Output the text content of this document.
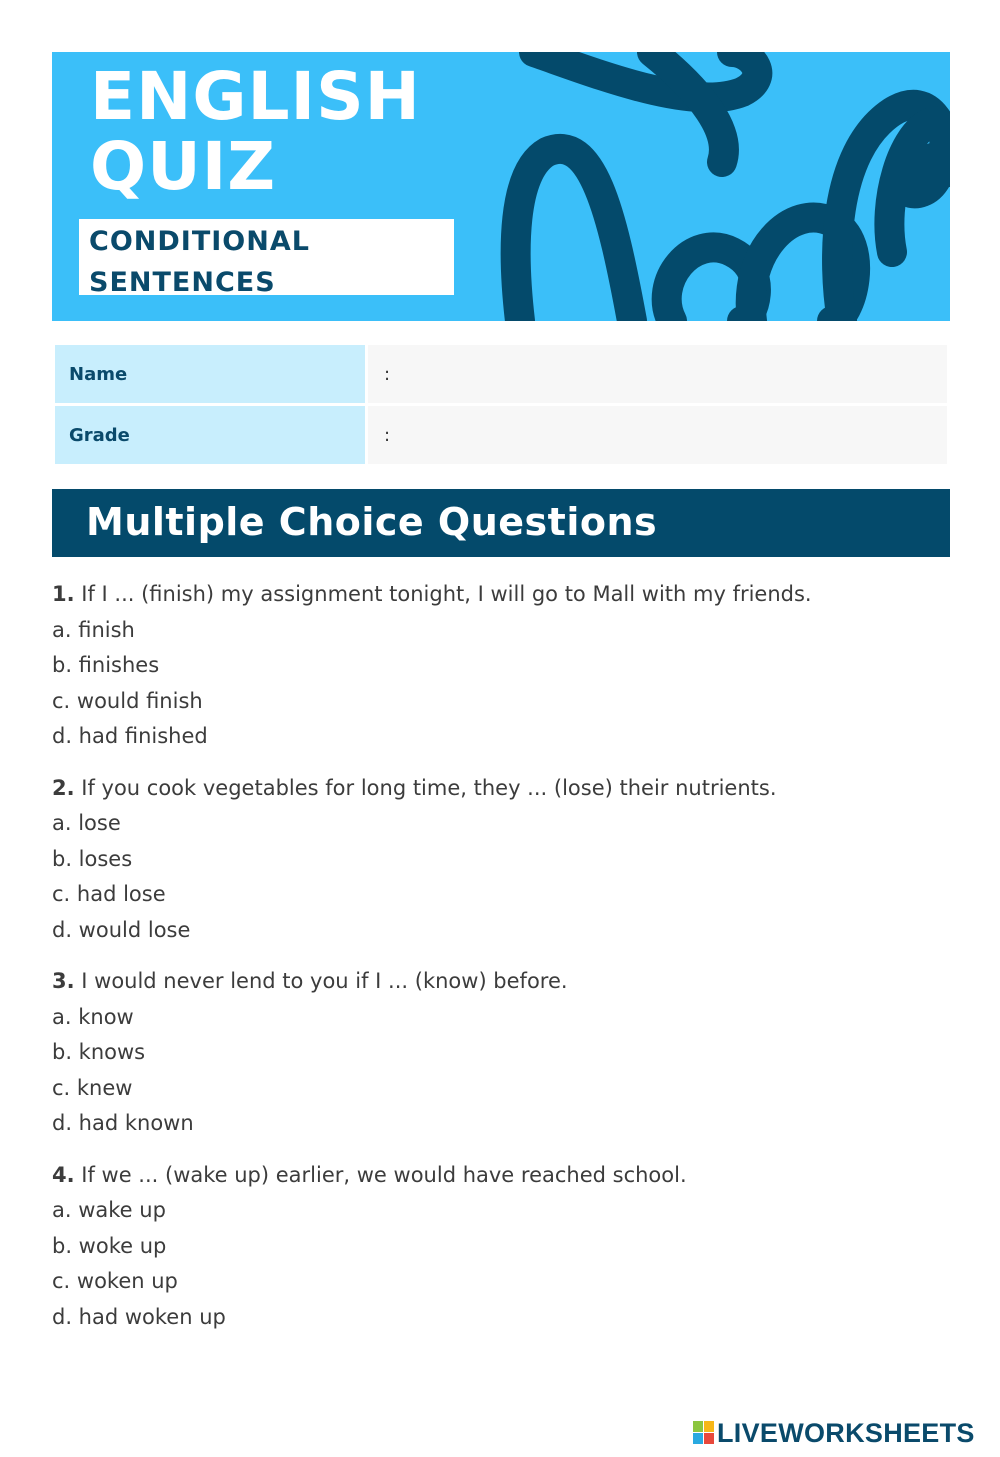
ENGLISH
QUIZ
CONDITIONAL
SENTENCES
Name	:
Grade	:
Multiple Choice Questions
1. If I ... (finish) my assignment tonight, I will go to Mall with my friends.
a. finish
b. finishes
c. would finish
d. had finished
2. If you cook vegetables for long time, they ... (lose) their nutrients.
a. lose
b. loses
c. had lose
d. would lose
3. I would never lend to you if I ... (know) before.
a. know
b. knows
c. knew
d. had known
4. If we ... (wake up) earlier, we would have reached school.
a. wake up
b. woke up
c. woken up
d. had woken up
LIVEWORKSHEETS
